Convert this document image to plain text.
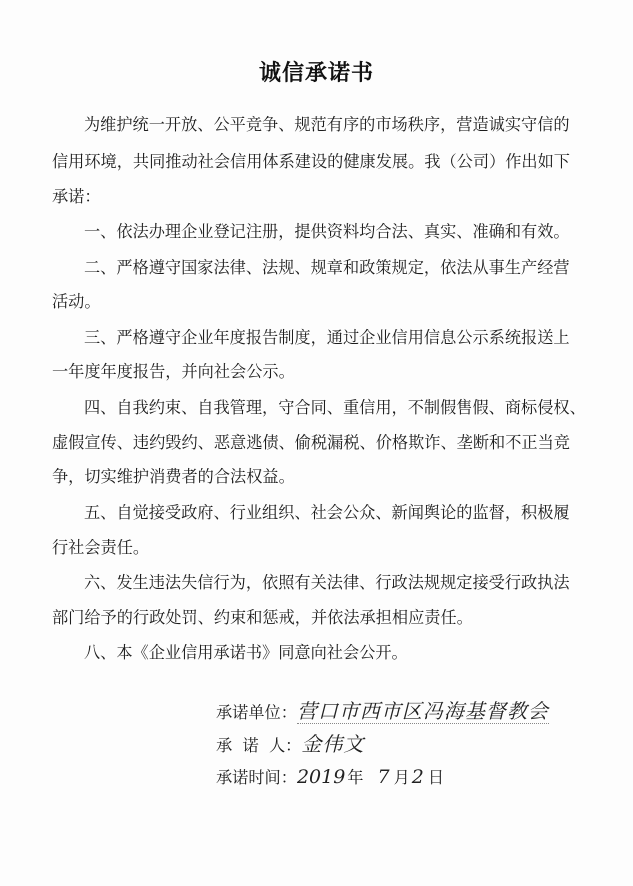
诚信承诺书
为维护统一开放、公平竞争、规范有序的市场秩序，营造诚实守信的
信用环境，共同推动社会信用体系建设的健康发展。我（公司）作出如下
承诺：
一、依法办理企业登记注册，提供资料均合法、真实、准确和有效。
二、严格遵守国家法律、法规、规章和政策规定，依法从事生产经营
活动。
三、严格遵守企业年度报告制度，通过企业信用信息公示系统报送上
一年度年度报告，并向社会公示。
四、自我约束、自我管理，守合同、重信用，不制假售假、商标侵权、
虚假宣传、违约毁约、恶意逃债、偷税漏税、价格欺诈、垄断和不正当竞
争，切实维护消费者的合法权益。
五、自觉接受政府、行业组织、社会公众、新闻舆论的监督，积极履
行社会责任。
六、发生违法失信行为，依照有关法律、行政法规规定接受行政执法
部门给予的行政处罚、约束和惩戒，并依法承担相应责任。
八、本《企业信用承诺书》同意向社会公开。
承诺单位：营口市西市区冯海基督教会
承  诺  人：金伟文
承诺时间：2019 年 7 月 2 日
